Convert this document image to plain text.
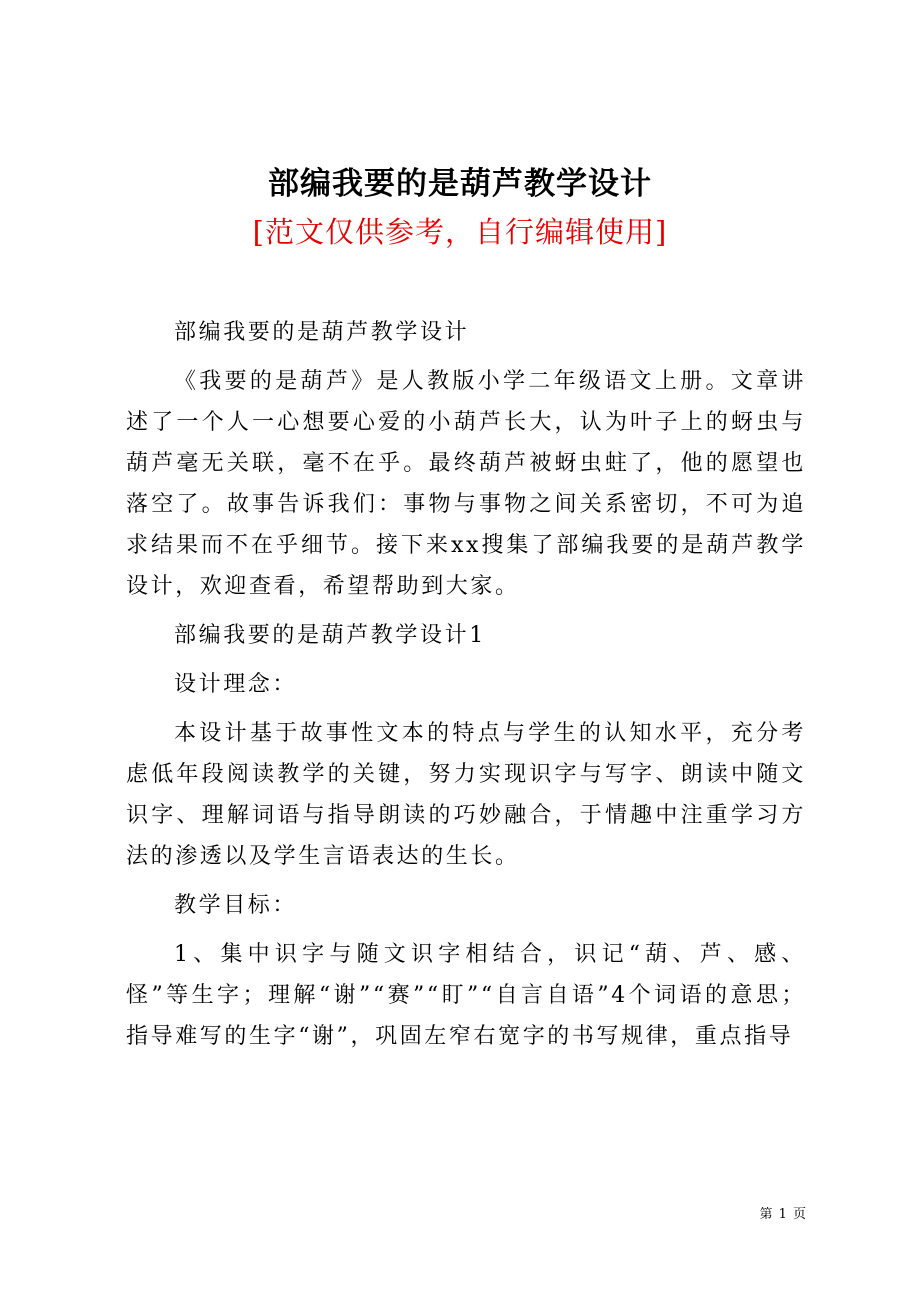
部编我要的是葫芦教学设计
[范文仅供参考，自行编辑使用]

部编我要的是葫芦教学设计

《我要的是葫芦》是人教版小学二年级语文上册。文章讲述了一个人一心想要心爱的小葫芦长大，认为叶子上的蚜虫与葫芦毫无关联，毫不在乎。最终葫芦被蚜虫蛀了，他的愿望也落空了。故事告诉我们：事物与事物之间关系密切，不可为追求结果而不在乎细节。接下来xx搜集了部编我要的是葫芦教学设计，欢迎查看，希望帮助到大家。

部编我要的是葫芦教学设计1

设计理念：

本设计基于故事性文本的特点与学生的认知水平，充分考虑低年段阅读教学的关键，努力实现识字与写字、朗读中随文识字、理解词语与指导朗读的巧妙融合，于情趣中注重学习方法的渗透以及学生言语表达的生长。

教学目标：

1、集中识字与随文识字相结合，识记“葫、芦、感、怪”等生字；理解“谢”“赛”“盯”“自言自语”4个词语的意思；指导难写的生字“谢”，巩固左窄右宽字的书写规律，重点指导

第 1 页
